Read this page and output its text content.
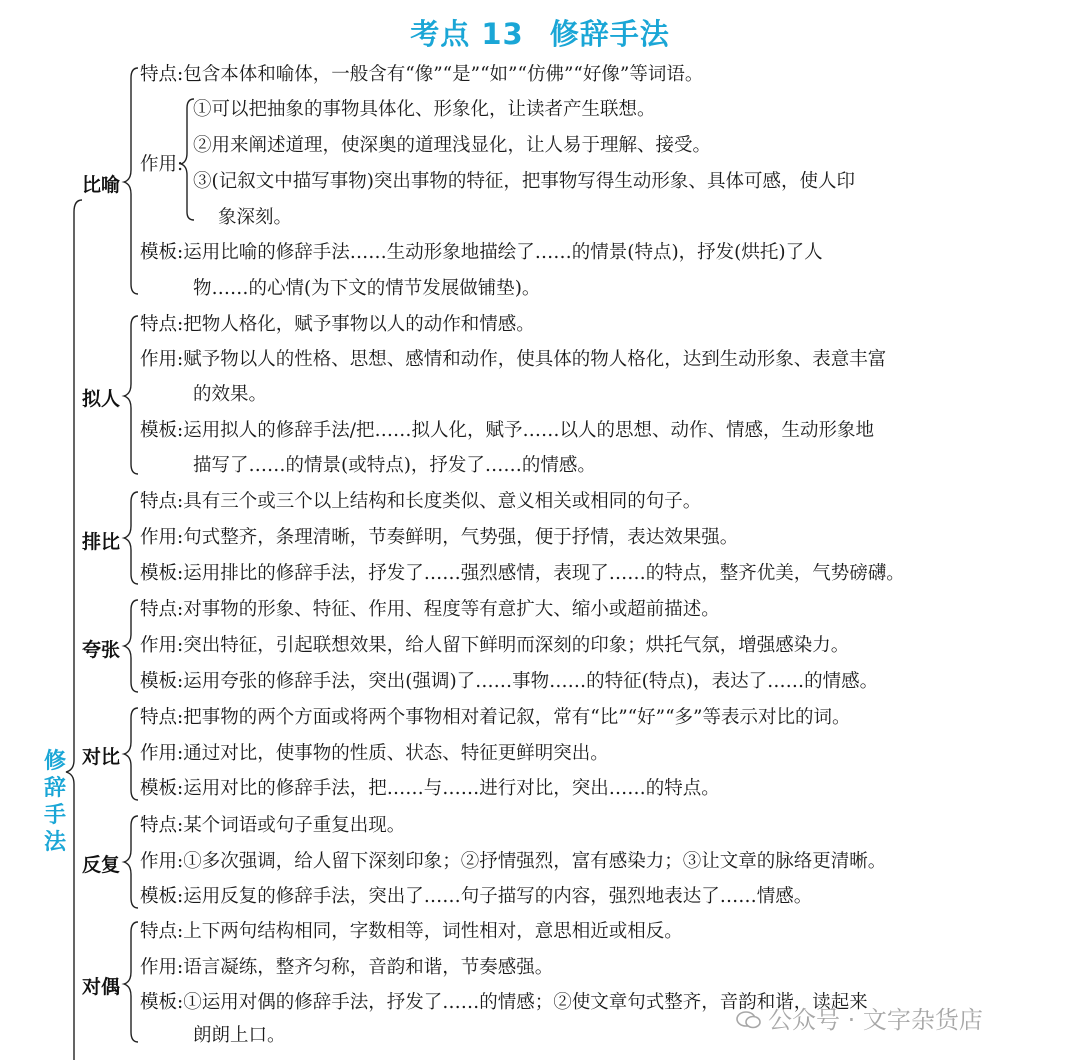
考点 13 修辞手法
修
辞
手
法
比喻
特点:包含本体和喻体，一般含有“像”“是”“如”“仿佛”“好像”等词语。
作用:
①可以把抽象的事物具体化、形象化，让读者产生联想。
②用来阐述道理，使深奥的道理浅显化，让人易于理解、接受。
③(记叙文中描写事物)突出事物的特征，把事物写得生动形象、具体可感，使人印
象深刻。
模板:运用比喻的修辞手法……生动形象地描绘了……的情景(特点)，抒发(烘托)了人
物……的心情(为下文的情节发展做铺垫)。
拟人
特点:把物人格化，赋予事物以人的动作和情感。
作用:赋予物以人的性格、思想、感情和动作，使具体的物人格化，达到生动形象、表意丰富
的效果。
模板:运用拟人的修辞手法/把……拟人化，赋予……以人的思想、动作、情感，生动形象地
描写了……的情景(或特点)，抒发了……的情感。
排比
特点:具有三个或三个以上结构和长度类似、意义相关或相同的句子。
作用:句式整齐，条理清晰，节奏鲜明，气势强，便于抒情，表达效果强。
模板:运用排比的修辞手法，抒发了……强烈感情，表现了……的特点，整齐优美，气势磅礴。
夸张
特点:对事物的形象、特征、作用、程度等有意扩大、缩小或超前描述。
作用:突出特征，引起联想效果，给人留下鲜明而深刻的印象；烘托气氛，增强感染力。
模板:运用夸张的修辞手法，突出(强调)了……事物……的特征(特点)，表达了……的情感。
对比
特点:把事物的两个方面或将两个事物相对着记叙，常有“比”“好”“多”等表示对比的词。
作用:通过对比，使事物的性质、状态、特征更鲜明突出。
模板:运用对比的修辞手法，把……与……进行对比，突出……的特点。
反复
特点:某个词语或句子重复出现。
作用:①多次强调，给人留下深刻印象；②抒情强烈，富有感染力；③让文章的脉络更清晰。
模板:运用反复的修辞手法，突出了……句子描写的内容，强烈地表达了……情感。
对偶
特点:上下两句结构相同，字数相等，词性相对，意思相近或相反。
作用:语言凝练，整齐匀称，音韵和谐，节奏感强。
模板:①运用对偶的修辞手法，抒发了……的情感；②使文章句式整齐，音韵和谐，读起来
朗朗上口。
公众号 · 文字杂货店
